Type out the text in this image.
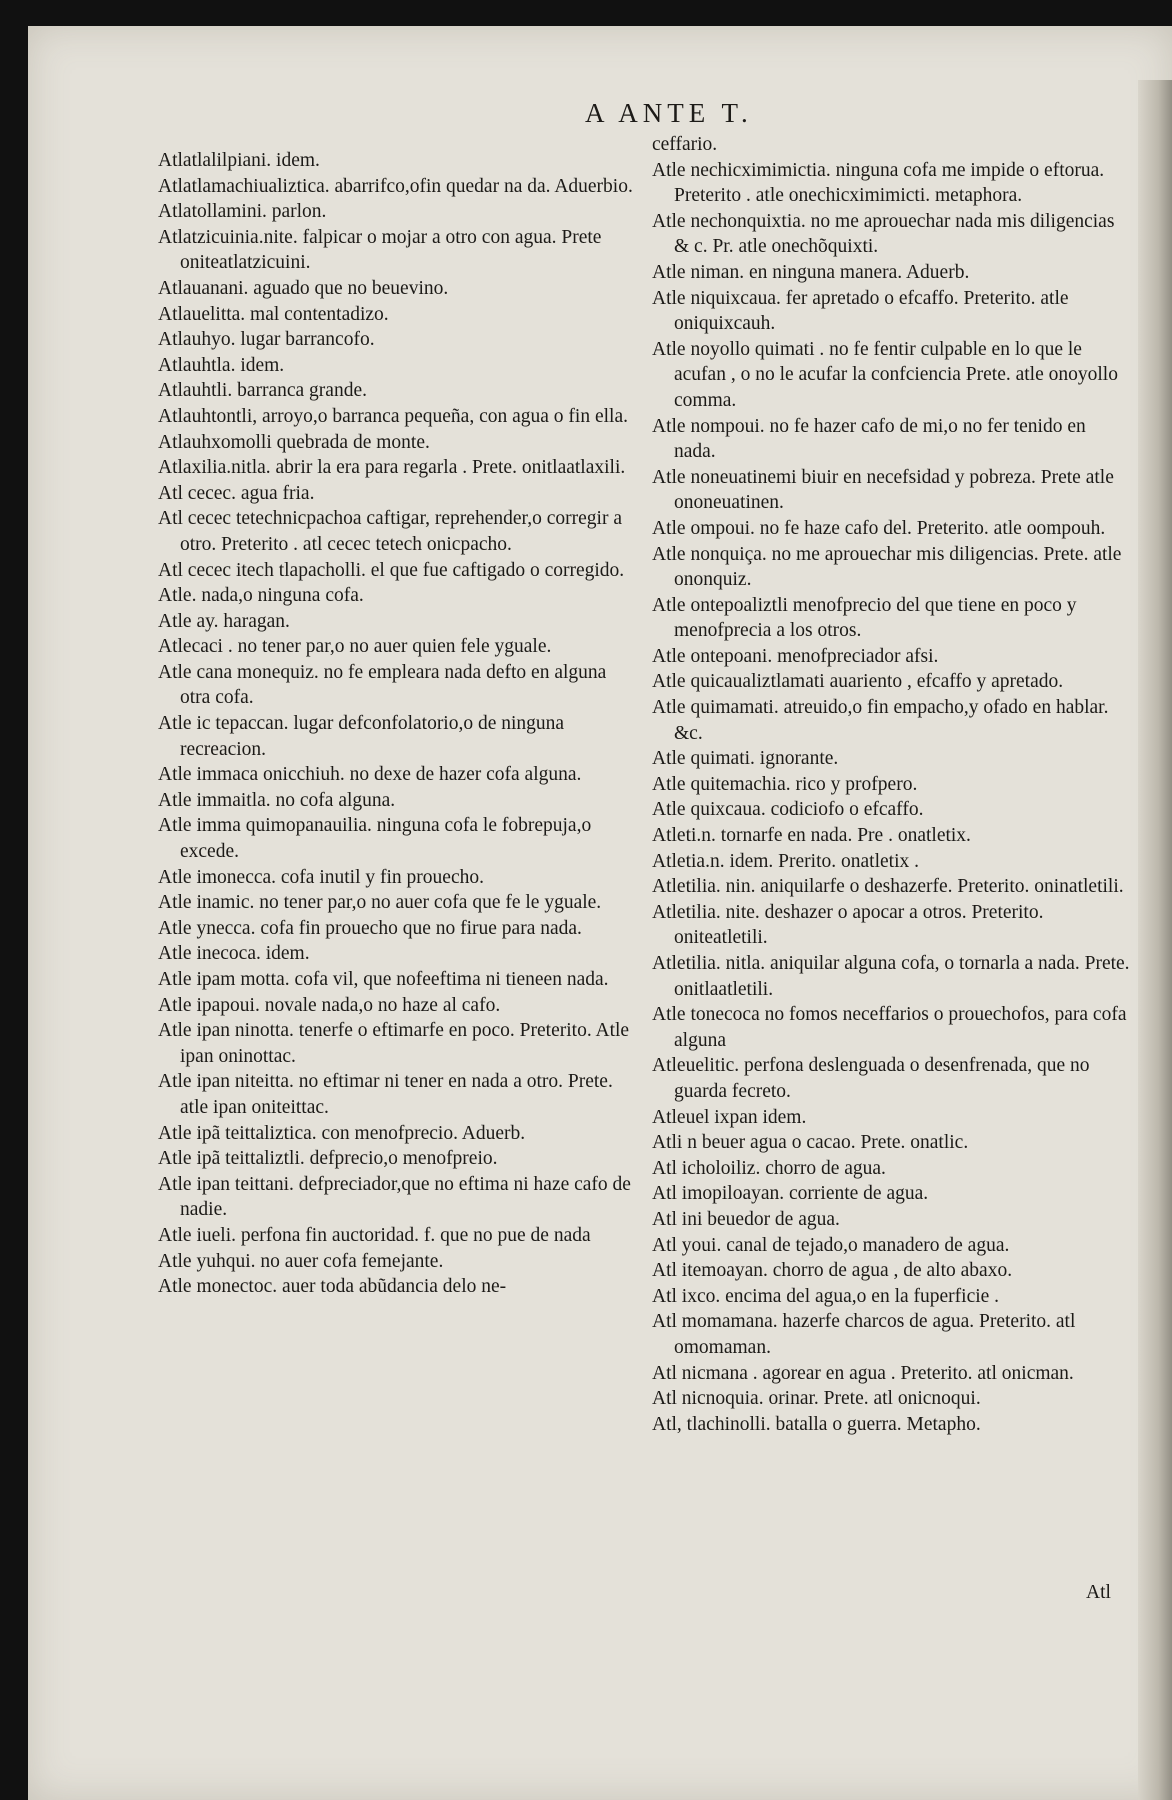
A ANTE T.

Atlatlalilpiani. idem.

Atlatlamachiualiztica. abarrifco,ofin quedar na da. Aduerbio.

Atlatollamini. parlon.

Atlatzicuinia.nite. falpicar o mojar a otro con agua. Prete oniteatlatzicuini.

Atlauanani. aguado que no beuevino.

Atlauelitta. mal contentadizo.

Atlauhyo. lugar barrancofo.

Atlauhtla. idem.

Atlauhtli. barranca grande.

Atlauhtontli, arroyo,o barranca pequeña, con agua o fin ella.

Atlauhxomolli quebrada de monte.

Atlaxilia.nitla. abrir la era para regarla . Prete. onitlaatlaxili.

Atl cecec. agua fria.

Atl cecec tetechnicpachoa caftigar, reprehender,o corregir a otro. Preterito . atl cecec tetech onicpacho.

Atl cecec itech tlapacholli. el que fue caftigado o corregido.

Atle. nada,o ninguna cofa.

Atle ay. haragan.

Atlecaci . no tener par,o no auer quien fele yguale.

Atle cana monequiz. no fe empleara nada defto en alguna otra cofa.

Atle ic tepaccan. lugar defconfolatorio,o de ninguna recreacion.

Atle immaca onicchiuh. no dexe de hazer cofa alguna.

Atle immaitla. no cofa alguna.

Atle imma quimopanauilia. ninguna cofa le fobrepuja,o excede.

Atle imonecca. cofa inutil y fin prouecho.

Atle inamic. no tener par,o no auer cofa que fe le yguale.

Atle ynecca. cofa fin prouecho que no firue para nada.

Atle inecoca. idem.

Atle ipam motta. cofa vil, que nofeeftima ni tieneen nada.

Atle ipapoui. novale nada,o no haze al cafo.

Atle ipan ninotta. tenerfe o eftimarfe en poco. Preterito. Atle ipan oninottac.

Atle ipan niteitta. no eftimar ni tener en nada a otro. Prete. atle ipan oniteittac.

Atle ipã teittaliztica. con menofprecio. Aduerb.

Atle ipã teittaliztli. defprecio,o menofpreio.

Atle ipan teittani. defpreciador,que no eftima ni haze cafo de nadie.

Atle iueli. perfona fin auctoridad. f. que no pue de nada

Atle yuhqui. no auer cofa femejante.

Atle monectoc. auer toda abũdancia delo ne-

ceffario.

Atle nechicximimictia. ninguna cofa me impide o eftorua. Preterito . atle onechicximimicti. metaphora.

Atle nechonquixtia. no me aprouechar nada mis diligencias & c. Pr. atle onechõquixti.

Atle niman. en ninguna manera. Aduerb.

Atle niquixcaua. fer apretado o efcaffo. Preterito. atle oniquixcauh.

Atle noyollo quimati . no fe fentir culpable en lo que le acufan , o no le acufar la confciencia Prete. atle onoyollo comma.

Atle nompoui. no fe hazer cafo de mi,o no fer tenido en nada.

Atle noneuatinemi biuir en necefsidad y pobreza. Prete atle ononeuatinen.

Atle ompoui. no fe haze cafo del. Preterito. atle oompouh.

Atle nonquiça. no me aprouechar mis diligencias. Prete. atle ononquiz.

Atle ontepoaliztli menofprecio del que tiene en poco y menofprecia a los otros.

Atle ontepoani. menofpreciador afsi.

Atle quicaualiztlamati auariento , efcaffo y apretado.

Atle quimamati. atreuido,o fin empacho,y ofado en hablar. &c.

Atle quimati. ignorante.

Atle quitemachia. rico y profpero.

Atle quixcaua. codiciofo o efcaffo.

Atleti.n. tornarfe en nada. Pre . onatletix.

Atletia.n. idem. Prerito. onatletix .

Atletilia. nin. aniquilarfe o deshazerfe. Preterito. oninatletili.

Atletilia. nite. deshazer o apocar a otros. Preterito. oniteatletili.

Atletilia. nitla. aniquilar alguna cofa, o tornarla a nada. Prete. onitlaatletili.

Atle tonecoca no fomos neceffarios o prouechofos, para cofa alguna

Atleuelitic. perfona deslenguada o desenfrenada, que no guarda fecreto.

Atleuel ixpan idem.

Atli n beuer agua o cacao. Prete. onatlic.

Atl icholoiliz. chorro de agua.

Atl imopiloayan. corriente de agua.

Atl ini beuedor de agua.

Atl youi. canal de tejado,o manadero de agua.

Atl itemoayan. chorro de agua , de alto abaxo.

Atl ixco. encima del agua,o en la fuperficie .

Atl momamana. hazerfe charcos de agua. Preterito. atl omomaman.

Atl nicmana . agorear en agua . Preterito. atl onicman.

Atl nicnoquia. orinar. Prete. atl onicnoqui.

Atl, tlachinolli. batalla o guerra. Metapho.

Atl
